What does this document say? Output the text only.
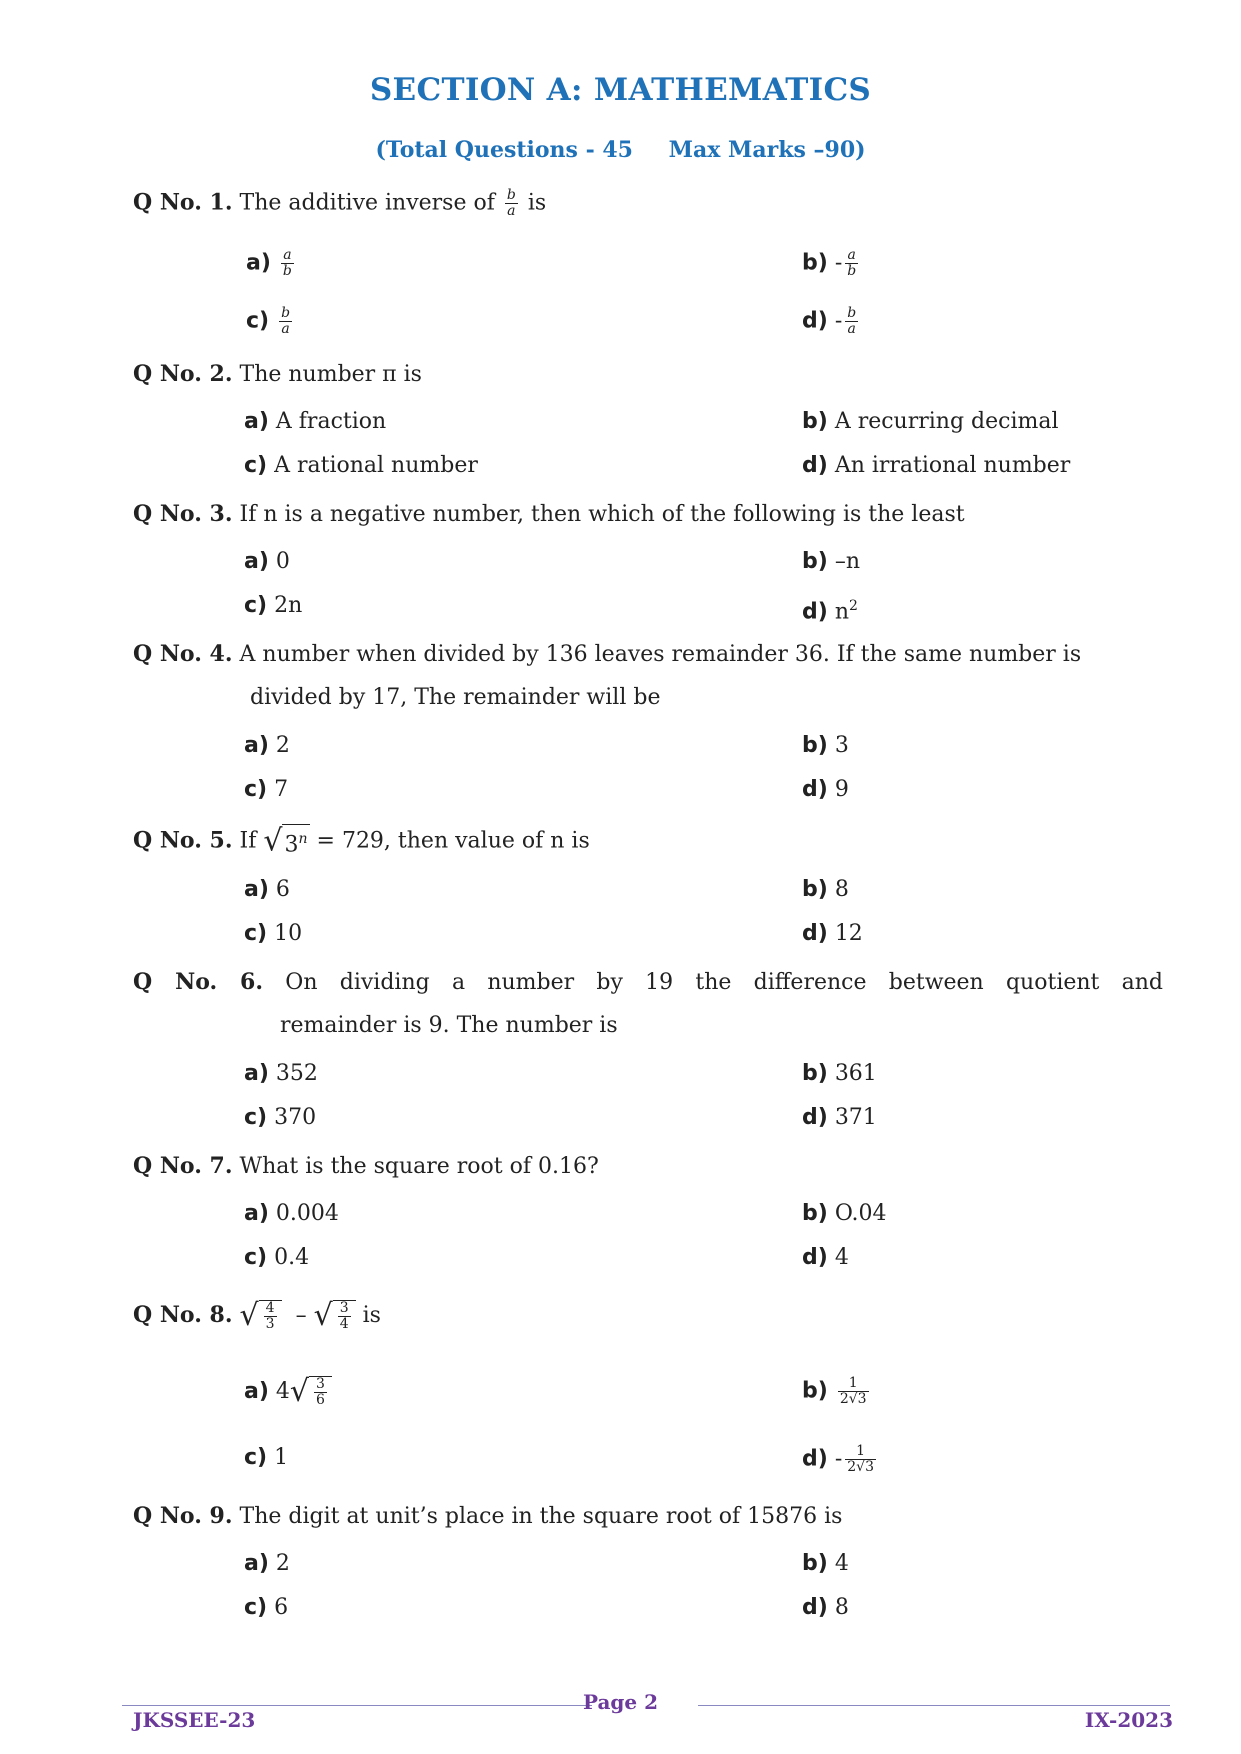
SECTION A: MATHEMATICS
(Total Questions - 45 Max Marks –90)
Q No. 1. The additive inverse of $\frac{b}{a}$ is
$a) \frac{a}{b}$	$b) - \frac{a}{b}$
$c) \frac{b}{a}$	$d) - \frac{b}{a}$
Q No. 2. The number π is
a) A fraction	b) A recurring decimal
c) A rational number	d) An irrational number
Q No. 3. If n is a negative number, then which of the following is the least
a) 0	b) –n
c) 2n	d) $n^2$
Q No. 4. A number when divided by 136 leaves remainder 36. If the same number is
divided by 17, The remainder will be
a) 2	b) 3
c) 7	d) 9
Q No. 5. If $√3^n = 729$, then value of n is
a) 6	b) 8
c) 10	d) 12
Q No. 6. On dividing a number by 19 the difference between quotient and
remainder is 9. The number is
a) 352	b) 361
c) 370	d) 371
Q No. 7. What is the square root of 0.16?
a) 0.004	b) O.04
c) 0.4	d) 4
Q No. 8. √ $\frac{4}{3}$ – √ $\frac{3}{4}$ is
a) $4√ \frac{3}{6}$	$b) \frac{1}{2√3}$
c) 1	$d) - \frac{1}{2√3}$
Q No. 9. The digit at unit’s place in the square root of 15876 is
a) 2	b) 4
c) 6	d) 8
Page 2
JKSSEE-23	IX-2023
